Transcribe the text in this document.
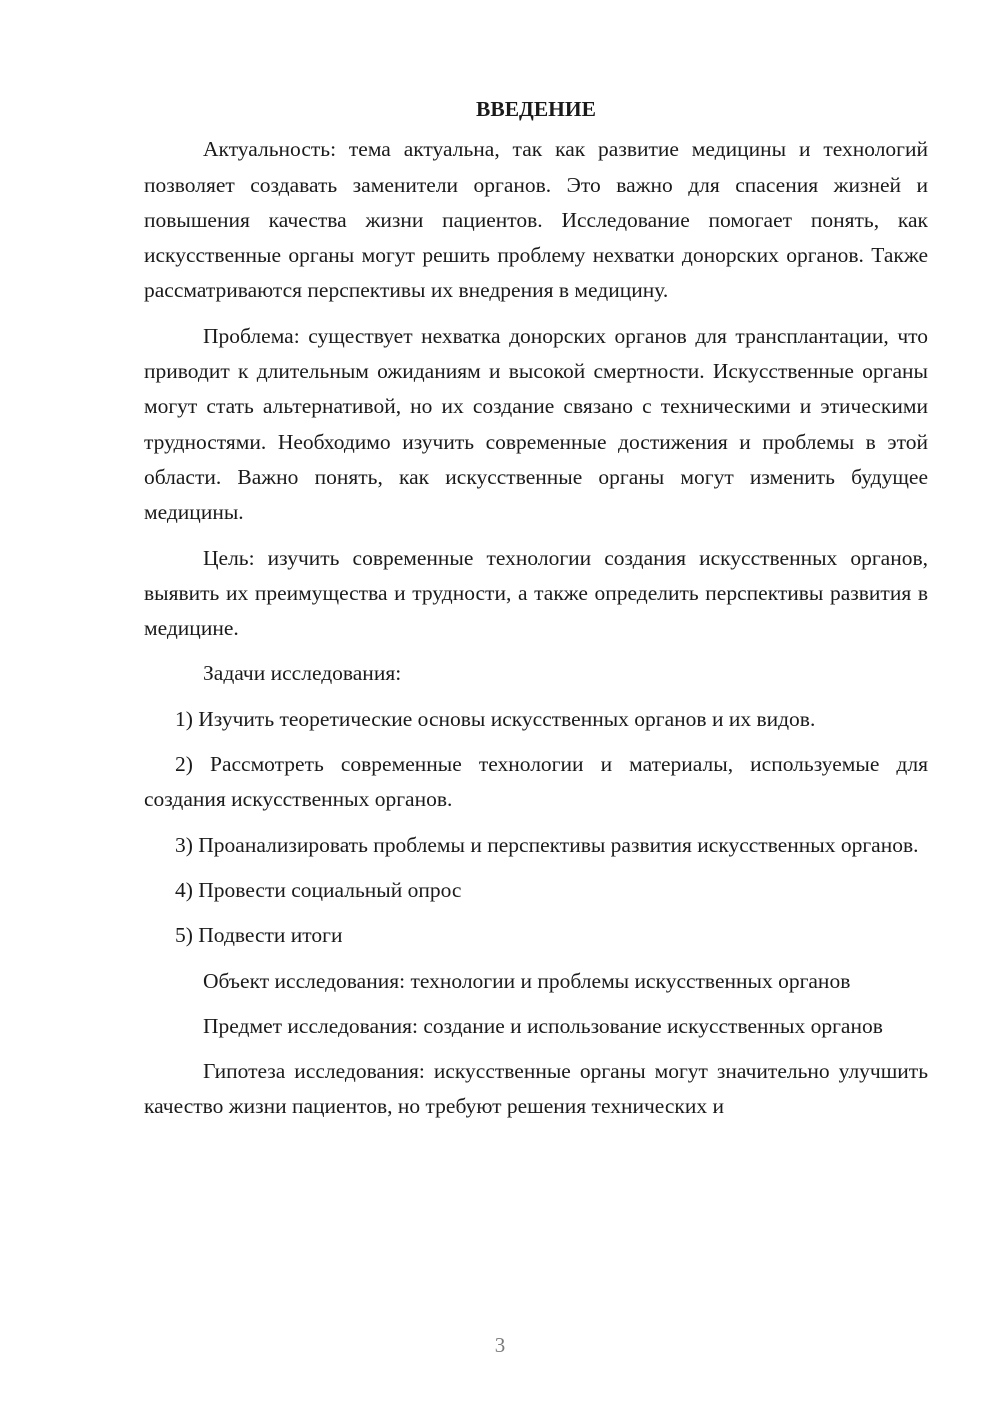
ВВЕДЕНИЕ

Актуальность: тема актуальна, так как развитие медицины и технологий позволяет создавать заменители органов. Это важно для спасения жизней и повышения качества жизни пациентов. Исследование помогает понять, как искусственные органы могут решить проблему нехватки донорских органов. Также рассматриваются перспективы их внедрения в медицину.

Проблема: существует нехватка донорских органов для трансплантации, что приводит к длительным ожиданиям и высокой смертности. Искусственные органы могут стать альтернативой, но их создание связано с техническими и этическими трудностями. Необходимо изучить современные достижения и проблемы в этой области. Важно понять, как искусственные органы могут изменить будущее медицины.

Цель: изучить современные технологии создания искусственных органов, выявить их преимущества и трудности, а также определить перспективы развития в медицине.

Задачи исследования:

1) Изучить теоретические основы искусственных органов и их видов.

2) Рассмотреть современные технологии и материалы, используемые для создания искусственных органов.

3) Проанализировать проблемы и перспективы развития искусственных органов.

4) Провести социальный опрос

5) Подвести итоги

Объект исследования: технологии и проблемы искусственных органов

Предмет исследования: создание и использование искусственных органов

Гипотеза исследования: искусственные органы могут значительно улучшить качество жизни пациентов, но требуют решения технических и

3
